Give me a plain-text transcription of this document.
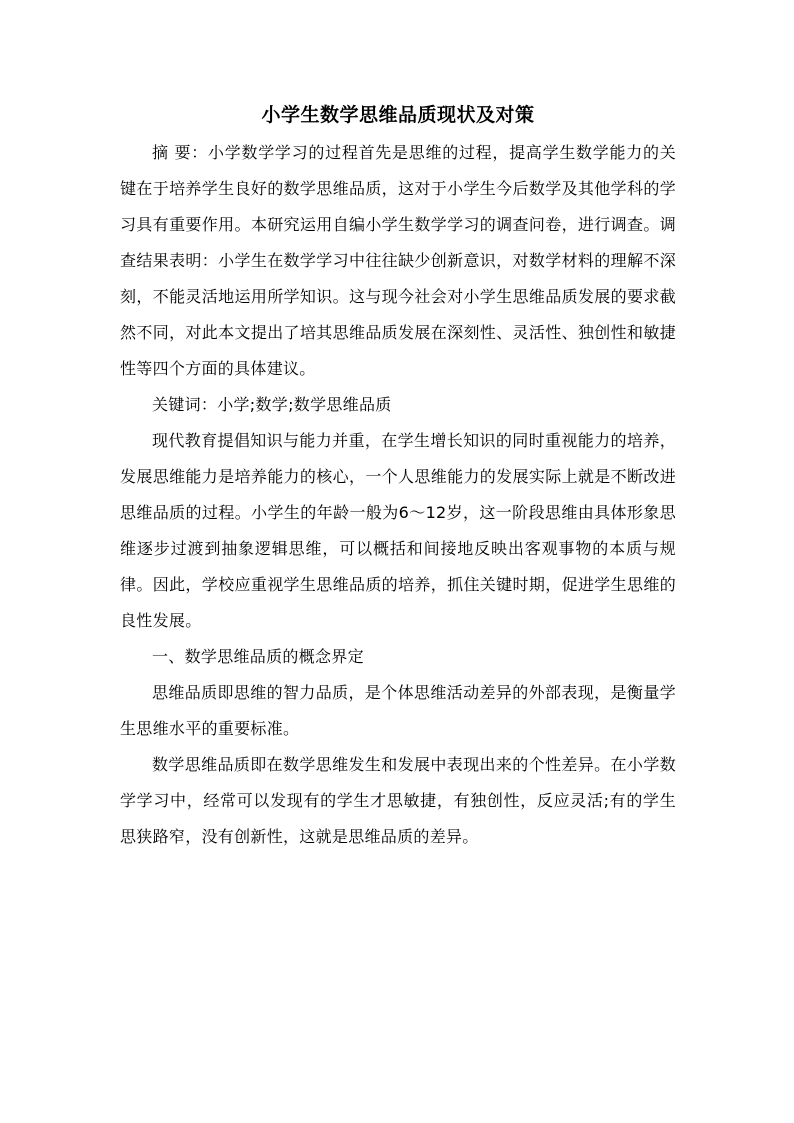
小学生数学思维品质现状及对策

摘 要：小学数学学习的过程首先是思维的过程，提高学生数学能力的关键在于培养学生良好的数学思维品质，这对于小学生今后数学及其他学科的学习具有重要作用。本研究运用自编小学生数学学习的调查问卷，进行调查。调查结果表明：小学生在数学学习中往往缺少创新意识，对数学材料的理解不深刻，不能灵活地运用所学知识。这与现今社会对小学生思维品质发展的要求截然不同，对此本文提出了培其思维品质发展在深刻性、灵活性、独创性和敏捷性等四个方面的具体建议。

关键词：小学;数学;数学思维品质

现代教育提倡知识与能力并重，在学生增长知识的同时重视能力的培养，发展思维能力是培养能力的核心，一个人思维能力的发展实际上就是不断改进思维品质的过程。小学生的年龄一般为6～12岁，这一阶段思维由具体形象思维逐步过渡到抽象逻辑思维，可以概括和间接地反映出客观事物的本质与规律。因此，学校应重视学生思维品质的培养，抓住关键时期，促进学生思维的良性发展。

一、数学思维品质的概念界定

思维品质即思维的智力品质，是个体思维活动差异的外部表现，是衡量学生思维水平的重要标准。

数学思维品质即在数学思维发生和发展中表现出来的个性差异。在小学数学学习中，经常可以发现有的学生才思敏捷，有独创性，反应灵活;有的学生思狭路窄，没有创新性，这就是思维品质的差异。
